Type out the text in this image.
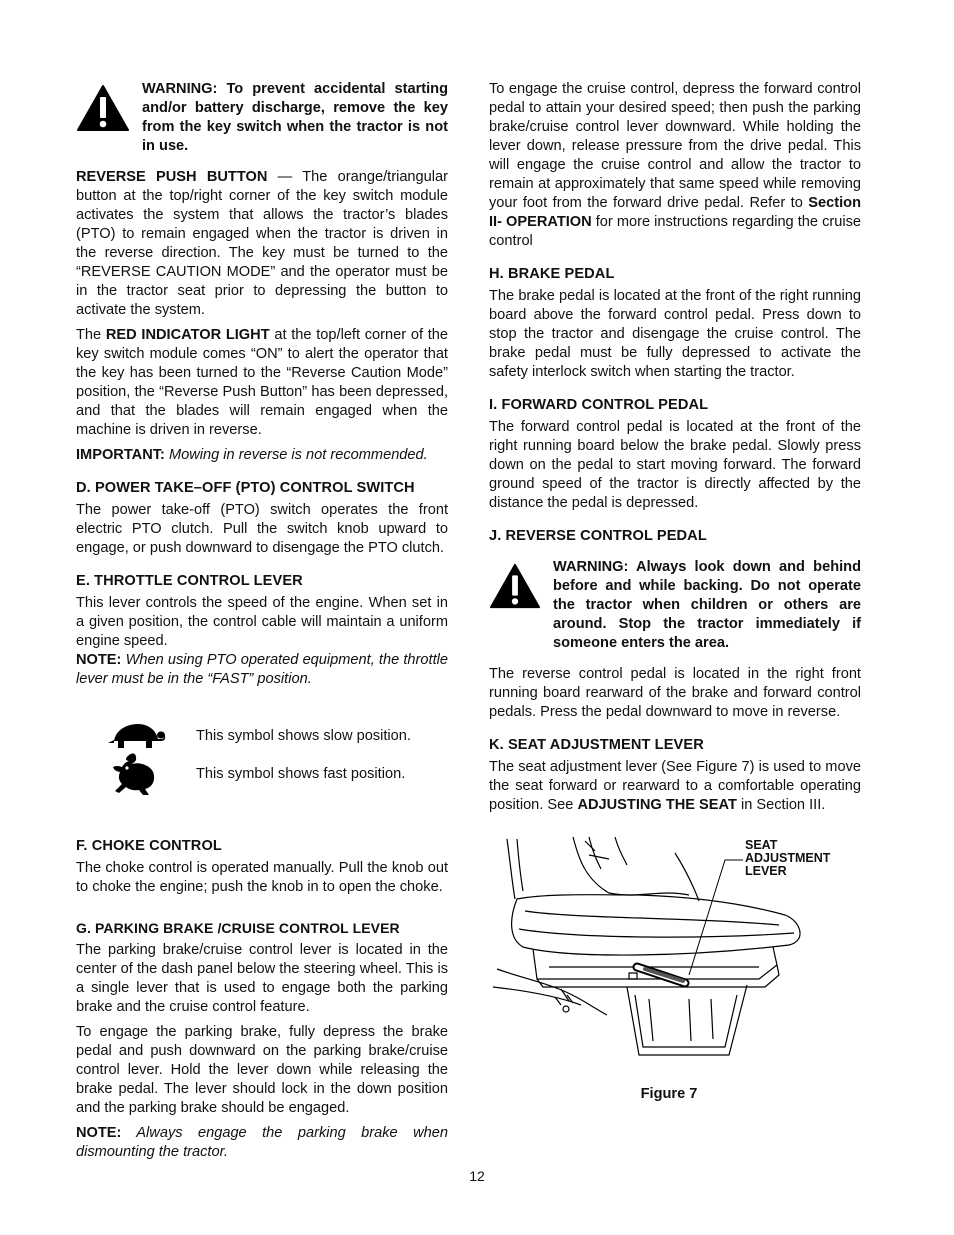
WARNING: To prevent accidental starting and/or battery discharge, remove the key from the key switch when the tractor is not in use.

REVERSE PUSH BUTTON — The orange/triangular button at the top/right corner of the key switch module activates the system that allows the tractor’s blades (PTO) to remain engaged when the tractor is driven in the reverse direction. The key must be turned to the “REVERSE CAUTION MODE” and the operator must be in the tractor seat prior to depressing the button to activate the system.

The RED INDICATOR LIGHT at the top/left corner of the key switch module comes “ON” to alert the operator that the key has been turned to the “Reverse Caution Mode” position, the “Reverse Push Button” has been depressed, and that the blades will remain engaged when the machine is driven in reverse.

IMPORTANT: Mowing in reverse is not recommended.

D. POWER TAKE–OFF (PTO) CONTROL SWITCH

The power take-off (PTO) switch operates the front electric PTO clutch. Pull the switch knob upward to engage, or push downward to disengage the PTO clutch.

E. THROTTLE CONTROL LEVER

This lever controls the speed of the engine. When set in a given position, the control cable will maintain a uniform engine speed.

NOTE: When using PTO operated equipment, the throttle lever must be in the “FAST” position.

This symbol shows slow position.
This symbol shows fast position.
F. CHOKE CONTROL

The choke control is operated manually. Pull the knob out to choke the engine; push the knob in to open the choke.

G. PARKING BRAKE /CRUISE CONTROL LEVER

The parking brake/cruise control lever is located in the center of the dash panel below the steering wheel. This is a single lever that is used to engage both the parking brake and the cruise control feature.

To engage the parking brake, fully depress the brake pedal and push downward on the parking brake/cruise control lever. Hold the lever down while releasing the brake pedal. The lever should lock in the down position and the parking brake should be engaged.

NOTE: Always engage the parking brake when dismounting the tractor.

To engage the cruise control, depress the forward control pedal to attain your desired speed; then push the parking brake/cruise control lever downward. While holding the lever down, release pressure from the drive pedal. This will engage the cruise control and allow the tractor to remain at approximately that same speed while removing your foot from the forward drive pedal. Refer to Section II- OPERATION for more instructions regarding the cruise control

H. BRAKE PEDAL

The brake pedal is located at the front of the right running board above the forward control pedal. Press down to stop the tractor and disengage the cruise control. The brake pedal must be fully depressed to activate the safety interlock switch when starting the tractor.

I. FORWARD CONTROL PEDAL

The forward control pedal is located at the front of the right running board below the brake pedal. Slowly press down on the pedal to start moving forward. The forward ground speed of the tractor is directly affected by the distance the pedal is depressed.

J. REVERSE CONTROL PEDAL
WARNING: Always look down and behind before and while backing. Do not operate the tractor when children or others are around. Stop the tractor immediately if someone enters the area.

The reverse control pedal is located in the right front running board rearward of the brake and forward control pedals. Press the pedal downward to move in reverse.

K. SEAT ADJUSTMENT LEVER

The seat adjustment lever (See Figure 7) is used to move the seat forward or rearward to a comfortable operating position. See ADJUSTING THE SEAT in Section III.

SEAT
ADJUSTMENT
LEVER
Figure 7
12
